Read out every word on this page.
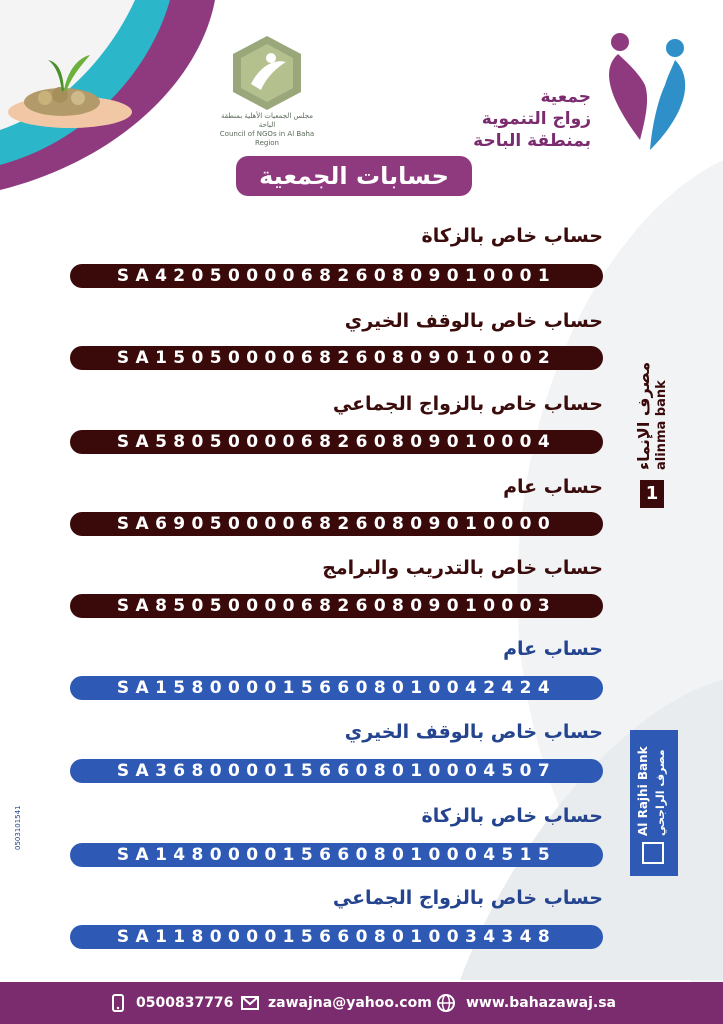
مجلس الجمعيات الأهلية بمنطقة الباحة
Council of NGOs in Al Baha Region
جمعية
زواج التنموية
بمنطقة الباحة
حسابات الجمعية
حساب خاص بالزكاة
SA4205000068260809010001
حساب خاص بالوقف الخيري
SA1505000068260809010002
حساب خاص بالزواج الجماعي
SA5805000068260809010004
حساب عام
SA6905000068260809010000
حساب خاص بالتدريب والبرامج
SA8505000068260809010003
حساب عام
SA1580000156608010042424
حساب خاص بالوقف الخيري
SA3680000156608010004507
حساب خاص بالزكاة
SA1480000156608010004515
حساب خاص بالزواج الجماعي
SA1180000156608010034348
1
مصرف الإنماء alinma bank
Al Rajhi Bank مصرف الراجحي
0503101541
0500837776 zawajna@yahoo.com www.bahazawaj.sa
